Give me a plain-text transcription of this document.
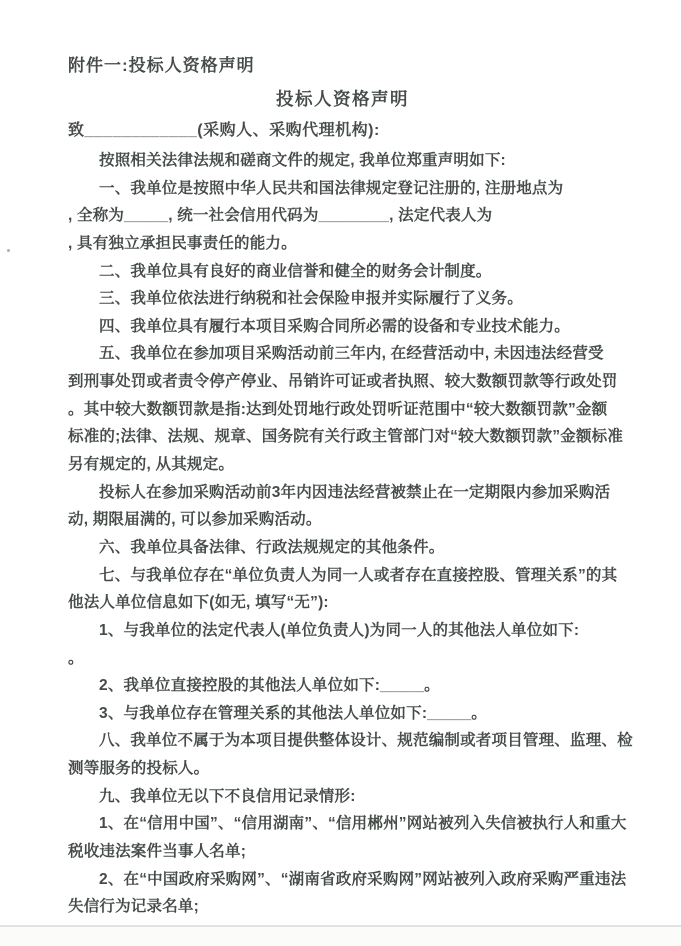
附件一:投标人资格声明
投标人资格声明
致____________(采购人、采购代理机构):
按照相关法律法规和磋商文件的规定, 我单位郑重声明如下:
一、我单位是按照中华人民共和国法律规定登记注册的, 注册地点为
, 全称为_____, 统一社会信用代码为________, 法定代表人为
, 具有独立承担民事责任的能力。
二、我单位具有良好的商业信誉和健全的财务会计制度。
三、我单位依法进行纳税和社会保险申报并实际履行了义务。
四、我单位具有履行本项目采购合同所必需的设备和专业技术能力。
五、我单位在参加项目采购活动前三年内, 在经营活动中, 未因违法经营受
到刑事处罚或者责令停产停业、吊销许可证或者执照、较大数额罚款等行政处罚
。其中较大数额罚款是指:达到处罚地行政处罚听证范围中“较大数额罚款”金额
标准的;法律、法规、规章、国务院有关行政主管部门对“较大数额罚款”金额标准
另有规定的, 从其规定。
投标人在参加采购活动前3年内因违法经营被禁止在一定期限内参加采购活
动, 期限届满的, 可以参加采购活动。
六、我单位具备法律、行政法规规定的其他条件。
七、与我单位存在“单位负责人为同一人或者存在直接控股、管理关系”的其
他法人单位信息如下(如无, 填写“无”):
1、与我单位的法定代表人(单位负责人)为同一人的其他法人单位如下:
。
2、我单位直接控股的其他法人单位如下:_____。
3、与我单位存在管理关系的其他法人单位如下:_____。
八、我单位不属于为本项目提供整体设计、规范编制或者项目管理、监理、检
测等服务的投标人。
九、我单位无以下不良信用记录情形:
1、在“信用中国”、“信用湖南”、“信用郴州”网站被列入失信被执行人和重大
税收违法案件当事人名单;
2、在“中国政府采购网”、“湖南省政府采购网”网站被列入政府采购严重违法
失信行为记录名单;
